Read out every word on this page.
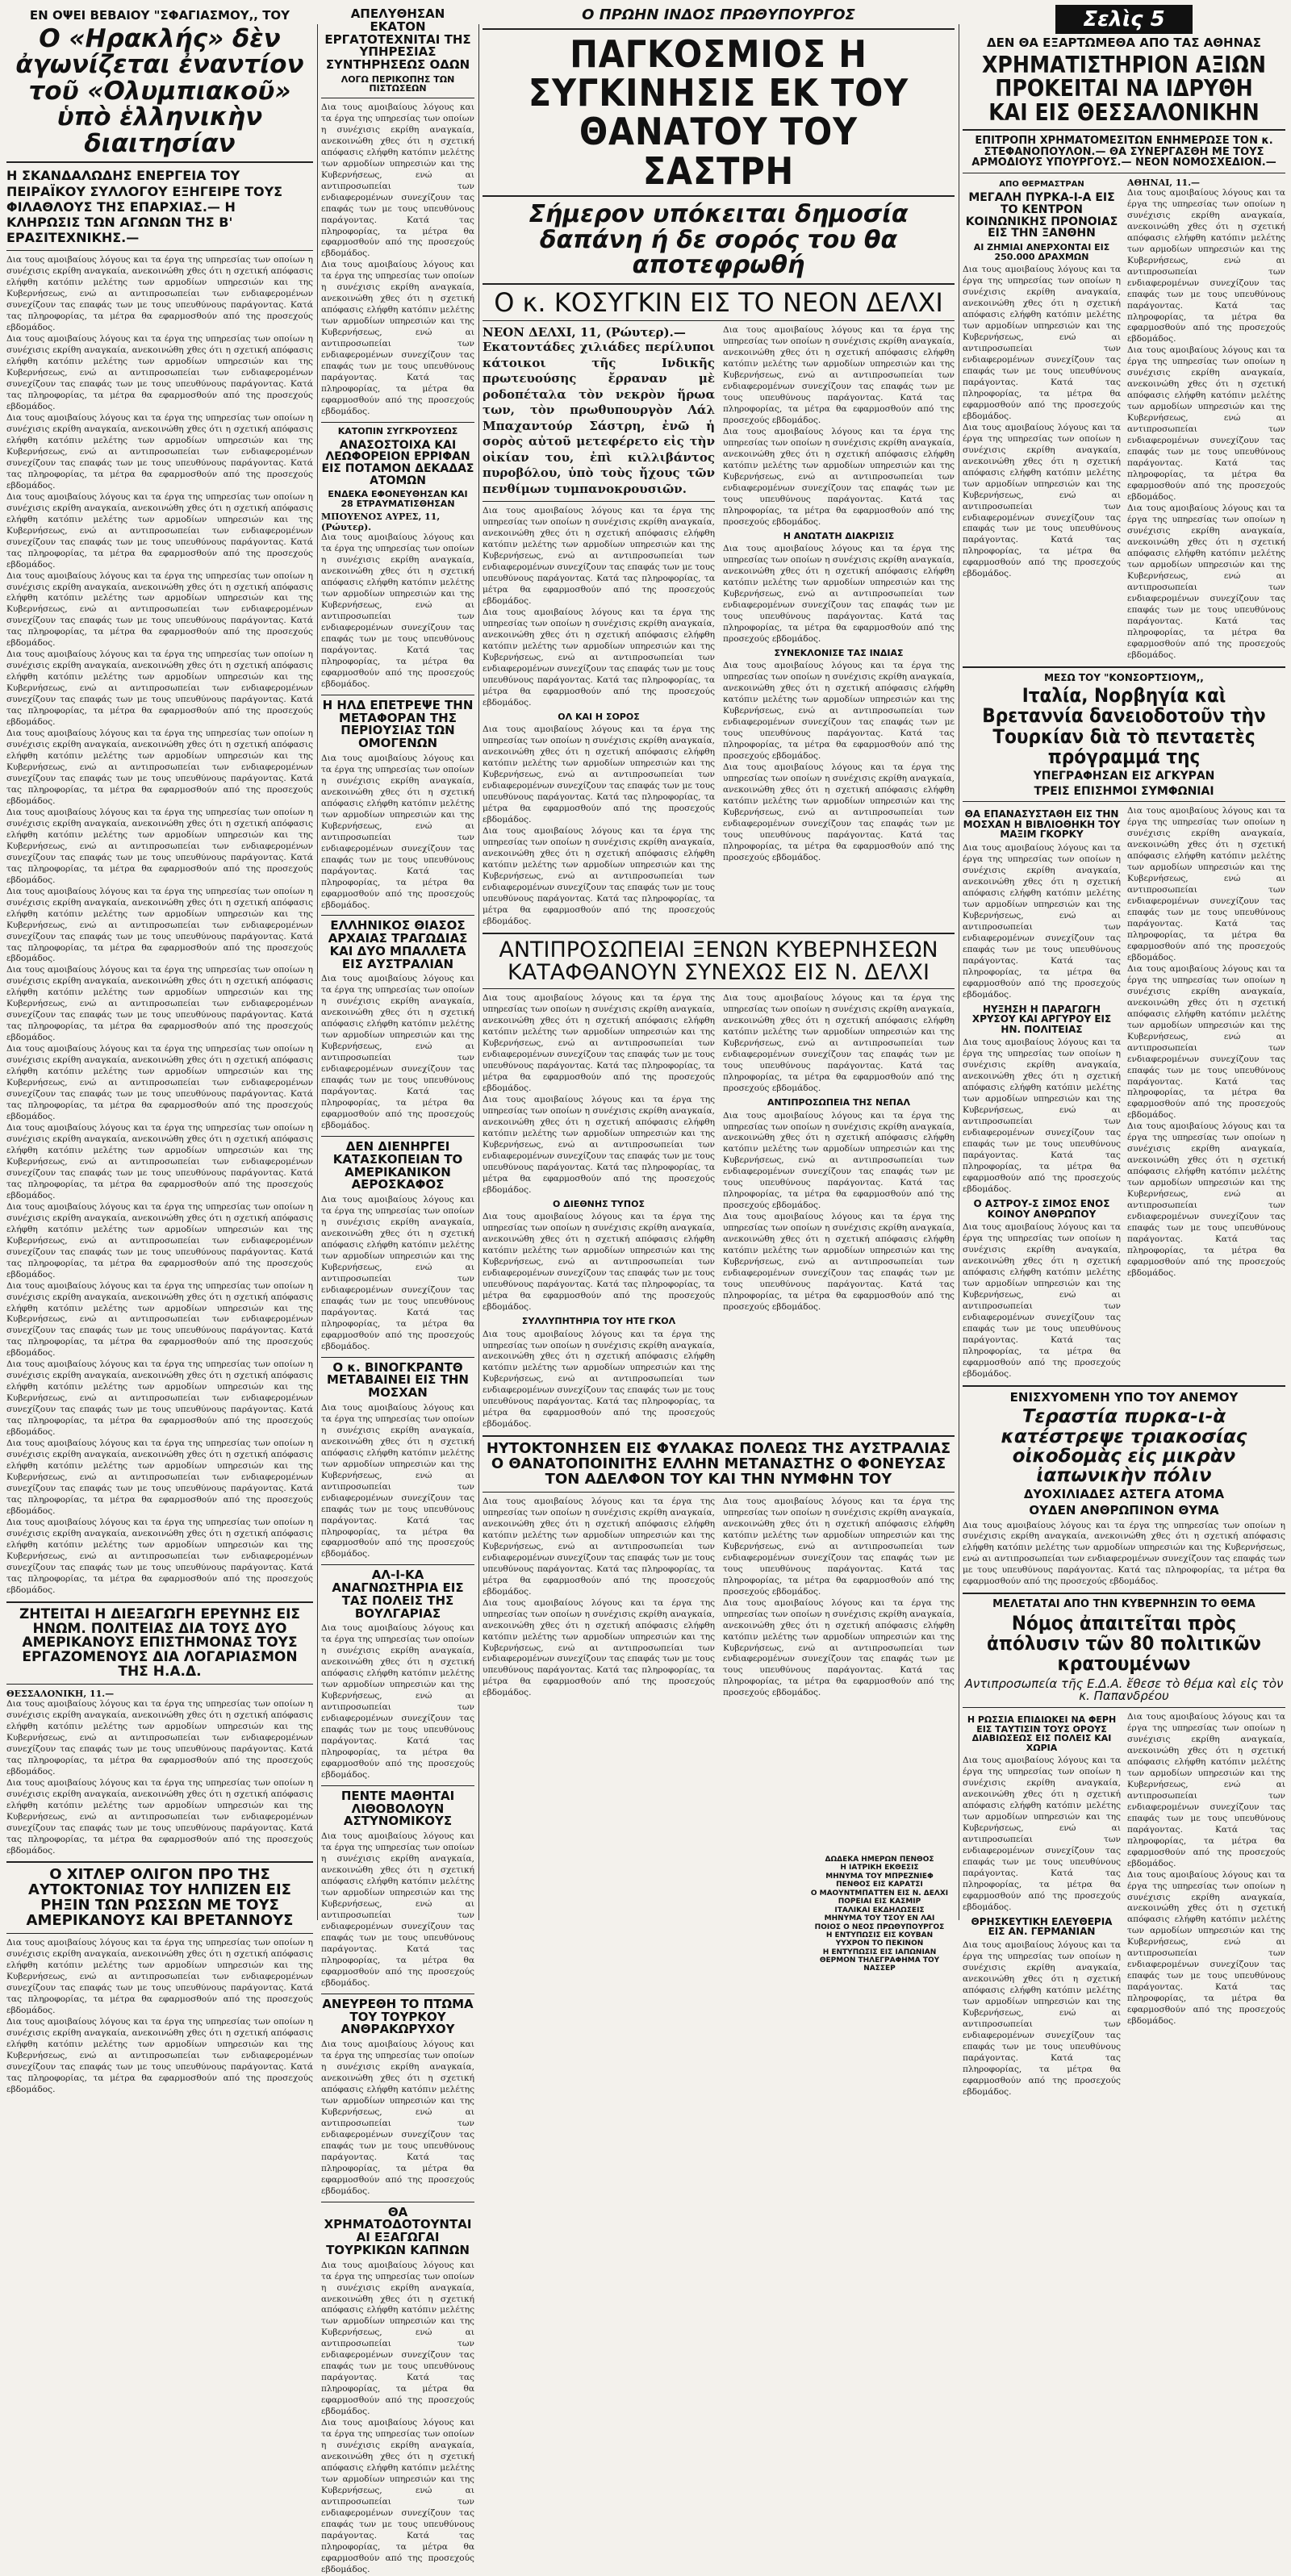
ΕΝ ΟΨΕΙ ΒΕΒΑΙΟΥ "ΣΦΑΓΙΑΣΜΟΥ,, ΤΟΥ
Ο «Ηρακλής» δὲν ἀγωνίζεται ἐναντίον τοῦ «Ολυμπιακοῦ» ὑπὸ ἑλληνικὴν διαιτησίαν
Η ΣΚΑΝΔΑΛΩΔΗΣ ΕΝΕΡΓΕΙΑ ΤΟΥ ΠΕΙΡΑΪΚΟΥ ΣΥΛΛΟΓΟΥ ΕΞΗΓΕΙΡΕ ΤΟΥΣ ΦΙΛΑΘΛΟΥΣ ΤΗΣ ΕΠΑΡΧΙΑΣ.— Η ΚΛΗΡΩΣΙΣ ΤΩΝ ΑΓΩΝΩΝ ΤΗΣ Β' ΕΡΑΣΙΤΕΧΝΙΚΗΣ.—

Δια τους αμοιβαίους λόγους και τα έργα της υπηρεσίας των οποίων η συνέχισις εκρίθη αναγκαία, ανεκοινώθη χθες ότι η σχετική απόφασις ελήφθη κατόπιν μελέτης των αρμοδίων υπηρεσιών και της Κυβερνήσεως, ενώ αι αντιπροσωπείαι των ενδιαφερομένων συνεχίζουν τας επαφάς των με τους υπευθύνους παράγοντας. Κατά τας πληροφορίας, τα μέτρα θα εφαρμοσθούν από της προσεχούς εβδομάδος.

Δια τους αμοιβαίους λόγους και τα έργα της υπηρεσίας των οποίων η συνέχισις εκρίθη αναγκαία, ανεκοινώθη χθες ότι η σχετική απόφασις ελήφθη κατόπιν μελέτης των αρμοδίων υπηρεσιών και της Κυβερνήσεως, ενώ αι αντιπροσωπείαι των ενδιαφερομένων συνεχίζουν τας επαφάς των με τους υπευθύνους παράγοντας. Κατά τας πληροφορίας, τα μέτρα θα εφαρμοσθούν από της προσεχούς εβδομάδος.

Δια τους αμοιβαίους λόγους και τα έργα της υπηρεσίας των οποίων η συνέχισις εκρίθη αναγκαία, ανεκοινώθη χθες ότι η σχετική απόφασις ελήφθη κατόπιν μελέτης των αρμοδίων υπηρεσιών και της Κυβερνήσεως, ενώ αι αντιπροσωπείαι των ενδιαφερομένων συνεχίζουν τας επαφάς των με τους υπευθύνους παράγοντας. Κατά τας πληροφορίας, τα μέτρα θα εφαρμοσθούν από της προσεχούς εβδομάδος.

Δια τους αμοιβαίους λόγους και τα έργα της υπηρεσίας των οποίων η συνέχισις εκρίθη αναγκαία, ανεκοινώθη χθες ότι η σχετική απόφασις ελήφθη κατόπιν μελέτης των αρμοδίων υπηρεσιών και της Κυβερνήσεως, ενώ αι αντιπροσωπείαι των ενδιαφερομένων συνεχίζουν τας επαφάς των με τους υπευθύνους παράγοντας. Κατά τας πληροφορίας, τα μέτρα θα εφαρμοσθούν από της προσεχούς εβδομάδος.

Δια τους αμοιβαίους λόγους και τα έργα της υπηρεσίας των οποίων η συνέχισις εκρίθη αναγκαία, ανεκοινώθη χθες ότι η σχετική απόφασις ελήφθη κατόπιν μελέτης των αρμοδίων υπηρεσιών και της Κυβερνήσεως, ενώ αι αντιπροσωπείαι των ενδιαφερομένων συνεχίζουν τας επαφάς των με τους υπευθύνους παράγοντας. Κατά τας πληροφορίας, τα μέτρα θα εφαρμοσθούν από της προσεχούς εβδομάδος.

Δια τους αμοιβαίους λόγους και τα έργα της υπηρεσίας των οποίων η συνέχισις εκρίθη αναγκαία, ανεκοινώθη χθες ότι η σχετική απόφασις ελήφθη κατόπιν μελέτης των αρμοδίων υπηρεσιών και της Κυβερνήσεως, ενώ αι αντιπροσωπείαι των ενδιαφερομένων συνεχίζουν τας επαφάς των με τους υπευθύνους παράγοντας. Κατά τας πληροφορίας, τα μέτρα θα εφαρμοσθούν από της προσεχούς εβδομάδος.

Δια τους αμοιβαίους λόγους και τα έργα της υπηρεσίας των οποίων η συνέχισις εκρίθη αναγκαία, ανεκοινώθη χθες ότι η σχετική απόφασις ελήφθη κατόπιν μελέτης των αρμοδίων υπηρεσιών και της Κυβερνήσεως, ενώ αι αντιπροσωπείαι των ενδιαφερομένων συνεχίζουν τας επαφάς των με τους υπευθύνους παράγοντας. Κατά τας πληροφορίας, τα μέτρα θα εφαρμοσθούν από της προσεχούς εβδομάδος.

Δια τους αμοιβαίους λόγους και τα έργα της υπηρεσίας των οποίων η συνέχισις εκρίθη αναγκαία, ανεκοινώθη χθες ότι η σχετική απόφασις ελήφθη κατόπιν μελέτης των αρμοδίων υπηρεσιών και της Κυβερνήσεως, ενώ αι αντιπροσωπείαι των ενδιαφερομένων συνεχίζουν τας επαφάς των με τους υπευθύνους παράγοντας. Κατά τας πληροφορίας, τα μέτρα θα εφαρμοσθούν από της προσεχούς εβδομάδος.

Δια τους αμοιβαίους λόγους και τα έργα της υπηρεσίας των οποίων η συνέχισις εκρίθη αναγκαία, ανεκοινώθη χθες ότι η σχετική απόφασις ελήφθη κατόπιν μελέτης των αρμοδίων υπηρεσιών και της Κυβερνήσεως, ενώ αι αντιπροσωπείαι των ενδιαφερομένων συνεχίζουν τας επαφάς των με τους υπευθύνους παράγοντας. Κατά τας πληροφορίας, τα μέτρα θα εφαρμοσθούν από της προσεχούς εβδομάδος.

Δια τους αμοιβαίους λόγους και τα έργα της υπηρεσίας των οποίων η συνέχισις εκρίθη αναγκαία, ανεκοινώθη χθες ότι η σχετική απόφασις ελήφθη κατόπιν μελέτης των αρμοδίων υπηρεσιών και της Κυβερνήσεως, ενώ αι αντιπροσωπείαι των ενδιαφερομένων συνεχίζουν τας επαφάς των με τους υπευθύνους παράγοντας. Κατά τας πληροφορίας, τα μέτρα θα εφαρμοσθούν από της προσεχούς εβδομάδος.

Δια τους αμοιβαίους λόγους και τα έργα της υπηρεσίας των οποίων η συνέχισις εκρίθη αναγκαία, ανεκοινώθη χθες ότι η σχετική απόφασις ελήφθη κατόπιν μελέτης των αρμοδίων υπηρεσιών και της Κυβερνήσεως, ενώ αι αντιπροσωπείαι των ενδιαφερομένων συνεχίζουν τας επαφάς των με τους υπευθύνους παράγοντας. Κατά τας πληροφορίας, τα μέτρα θα εφαρμοσθούν από της προσεχούς εβδομάδος.

Δια τους αμοιβαίους λόγους και τα έργα της υπηρεσίας των οποίων η συνέχισις εκρίθη αναγκαία, ανεκοινώθη χθες ότι η σχετική απόφασις ελήφθη κατόπιν μελέτης των αρμοδίων υπηρεσιών και της Κυβερνήσεως, ενώ αι αντιπροσωπείαι των ενδιαφερομένων συνεχίζουν τας επαφάς των με τους υπευθύνους παράγοντας. Κατά τας πληροφορίας, τα μέτρα θα εφαρμοσθούν από της προσεχούς εβδομάδος.

Δια τους αμοιβαίους λόγους και τα έργα της υπηρεσίας των οποίων η συνέχισις εκρίθη αναγκαία, ανεκοινώθη χθες ότι η σχετική απόφασις ελήφθη κατόπιν μελέτης των αρμοδίων υπηρεσιών και της Κυβερνήσεως, ενώ αι αντιπροσωπείαι των ενδιαφερομένων συνεχίζουν τας επαφάς των με τους υπευθύνους παράγοντας. Κατά τας πληροφορίας, τα μέτρα θα εφαρμοσθούν από της προσεχούς εβδομάδος.

Δια τους αμοιβαίους λόγους και τα έργα της υπηρεσίας των οποίων η συνέχισις εκρίθη αναγκαία, ανεκοινώθη χθες ότι η σχετική απόφασις ελήφθη κατόπιν μελέτης των αρμοδίων υπηρεσιών και της Κυβερνήσεως, ενώ αι αντιπροσωπείαι των ενδιαφερομένων συνεχίζουν τας επαφάς των με τους υπευθύνους παράγοντας. Κατά τας πληροφορίας, τα μέτρα θα εφαρμοσθούν από της προσεχούς εβδομάδος.

Δια τους αμοιβαίους λόγους και τα έργα της υπηρεσίας των οποίων η συνέχισις εκρίθη αναγκαία, ανεκοινώθη χθες ότι η σχετική απόφασις ελήφθη κατόπιν μελέτης των αρμοδίων υπηρεσιών και της Κυβερνήσεως, ενώ αι αντιπροσωπείαι των ενδιαφερομένων συνεχίζουν τας επαφάς των με τους υπευθύνους παράγοντας. Κατά τας πληροφορίας, τα μέτρα θα εφαρμοσθούν από της προσεχούς εβδομάδος.

Δια τους αμοιβαίους λόγους και τα έργα της υπηρεσίας των οποίων η συνέχισις εκρίθη αναγκαία, ανεκοινώθη χθες ότι η σχετική απόφασις ελήφθη κατόπιν μελέτης των αρμοδίων υπηρεσιών και της Κυβερνήσεως, ενώ αι αντιπροσωπείαι των ενδιαφερομένων συνεχίζουν τας επαφάς των με τους υπευθύνους παράγοντας. Κατά τας πληροφορίας, τα μέτρα θα εφαρμοσθούν από της προσεχούς εβδομάδος.

Δια τους αμοιβαίους λόγους και τα έργα της υπηρεσίας των οποίων η συνέχισις εκρίθη αναγκαία, ανεκοινώθη χθες ότι η σχετική απόφασις ελήφθη κατόπιν μελέτης των αρμοδίων υπηρεσιών και της Κυβερνήσεως, ενώ αι αντιπροσωπείαι των ενδιαφερομένων συνεχίζουν τας επαφάς των με τους υπευθύνους παράγοντας. Κατά τας πληροφορίας, τα μέτρα θα εφαρμοσθούν από της προσεχούς εβδομάδος.

ΖΗΤΕΙΤΑΙ Η ΔΙΕΞΑΓΩΓΗ ΕΡΕΥΝΗΣ ΕΙΣ ΗΝΩΜ. ΠΟΛΙΤΕΙΑΣ ΔΙΑ ΤΟΥΣ ΔΥΟ ΑΜΕΡΙΚΑΝΟΥΣ ΕΠΙΣΤΗΜΟΝΑΣ ΤΟΥΣ ΕΡΓΑΖΟΜΕΝΟΥΣ ΔΙΑ ΛΟΓΑΡΙΑΣΜΟΝ ΤΗΣ Η.Α.Δ.
ΘΕΣΣΑΛΟΝΙΚΗ, 11.—

Δια τους αμοιβαίους λόγους και τα έργα της υπηρεσίας των οποίων η συνέχισις εκρίθη αναγκαία, ανεκοινώθη χθες ότι η σχετική απόφασις ελήφθη κατόπιν μελέτης των αρμοδίων υπηρεσιών και της Κυβερνήσεως, ενώ αι αντιπροσωπείαι των ενδιαφερομένων συνεχίζουν τας επαφάς των με τους υπευθύνους παράγοντας. Κατά τας πληροφορίας, τα μέτρα θα εφαρμοσθούν από της προσεχούς εβδομάδος.

Δια τους αμοιβαίους λόγους και τα έργα της υπηρεσίας των οποίων η συνέχισις εκρίθη αναγκαία, ανεκοινώθη χθες ότι η σχετική απόφασις ελήφθη κατόπιν μελέτης των αρμοδίων υπηρεσιών και της Κυβερνήσεως, ενώ αι αντιπροσωπείαι των ενδιαφερομένων συνεχίζουν τας επαφάς των με τους υπευθύνους παράγοντας. Κατά τας πληροφορίας, τα μέτρα θα εφαρμοσθούν από της προσεχούς εβδομάδος.

Ο ΧΙΤΛΕΡ ΟΛΙΓΟΝ ΠΡΟ ΤΗΣ ΑΥΤΟΚΤΟΝΙΑΣ ΤΟΥ ΗΛΠΙΖΕΝ ΕΙΣ ΡΗΞΙΝ ΤΩΝ ΡΩΣΣΩΝ ΜΕ ΤΟΥΣ ΑΜΕΡΙΚΑΝΟΥΣ ΚΑΙ ΒΡΕΤΑΝΝΟΥΣ

Δια τους αμοιβαίους λόγους και τα έργα της υπηρεσίας των οποίων η συνέχισις εκρίθη αναγκαία, ανεκοινώθη χθες ότι η σχετική απόφασις ελήφθη κατόπιν μελέτης των αρμοδίων υπηρεσιών και της Κυβερνήσεως, ενώ αι αντιπροσωπείαι των ενδιαφερομένων συνεχίζουν τας επαφάς των με τους υπευθύνους παράγοντας. Κατά τας πληροφορίας, τα μέτρα θα εφαρμοσθούν από της προσεχούς εβδομάδος.

Δια τους αμοιβαίους λόγους και τα έργα της υπηρεσίας των οποίων η συνέχισις εκρίθη αναγκαία, ανεκοινώθη χθες ότι η σχετική απόφασις ελήφθη κατόπιν μελέτης των αρμοδίων υπηρεσιών και της Κυβερνήσεως, ενώ αι αντιπροσωπείαι των ενδιαφερομένων συνεχίζουν τας επαφάς των με τους υπευθύνους παράγοντας. Κατά τας πληροφορίας, τα μέτρα θα εφαρμοσθούν από της προσεχούς εβδομάδος.

ΑΠΕΛΥΘΗΣΑΝ ΕΚΑΤΟΝ ΕΡΓΑΤΟΤΕΧΝΙΤΑΙ ΤΗΣ ΥΠΗΡΕΣΙΑΣ ΣΥΝΤΗΡΗΣΕΩΣ ΟΔΩΝ
ΛΟΓΩ ΠΕΡΙΚΟΠΗΣ ΤΩΝ ΠΙΣΤΩΣΕΩΝ

Δια τους αμοιβαίους λόγους και τα έργα της υπηρεσίας των οποίων η συνέχισις εκρίθη αναγκαία, ανεκοινώθη χθες ότι η σχετική απόφασις ελήφθη κατόπιν μελέτης των αρμοδίων υπηρεσιών και της Κυβερνήσεως, ενώ αι αντιπροσωπείαι των ενδιαφερομένων συνεχίζουν τας επαφάς των με τους υπευθύνους παράγοντας. Κατά τας πληροφορίας, τα μέτρα θα εφαρμοσθούν από της προσεχούς εβδομάδος.

Δια τους αμοιβαίους λόγους και τα έργα της υπηρεσίας των οποίων η συνέχισις εκρίθη αναγκαία, ανεκοινώθη χθες ότι η σχετική απόφασις ελήφθη κατόπιν μελέτης των αρμοδίων υπηρεσιών και της Κυβερνήσεως, ενώ αι αντιπροσωπείαι των ενδιαφερομένων συνεχίζουν τας επαφάς των με τους υπευθύνους παράγοντας. Κατά τας πληροφορίας, τα μέτρα θα εφαρμοσθούν από της προσεχούς εβδομάδος.

ΚΑΤΟΠΙΝ ΣΥΓΚΡΟΥΣΕΩΣ
ΑΝΑΣΟΣΤΟΙΧΑ ΚΑΙ ΛΕΩΦΟΡΕΙΟΝ ΕΡΡΙΦΑΝ ΕΙΣ ΠΟΤΑΜΟΝ ΔΕΚΑΔΑΣ ΑΤΟΜΩΝ
ΕΝΔΕΚΑ ΕΦΟΝΕΥΘΗΣΑΝ ΚΑΙ 28 ΕΤΡΑΥΜΑΤΙΣΘΗΣΑΝ
ΜΠΟΥΕΝΟΣ ΑΥΡΕΣ, 11, (Ρώυτερ).

Δια τους αμοιβαίους λόγους και τα έργα της υπηρεσίας των οποίων η συνέχισις εκρίθη αναγκαία, ανεκοινώθη χθες ότι η σχετική απόφασις ελήφθη κατόπιν μελέτης των αρμοδίων υπηρεσιών και της Κυβερνήσεως, ενώ αι αντιπροσωπείαι των ενδιαφερομένων συνεχίζουν τας επαφάς των με τους υπευθύνους παράγοντας. Κατά τας πληροφορίας, τα μέτρα θα εφαρμοσθούν από της προσεχούς εβδομάδος.

Η ΗΛΔ ΕΠΕΤΡΕΨΕ ΤΗΝ ΜΕΤΑΦΟΡΑΝ ΤΗΣ ΠΕΡΙΟΥΣΙΑΣ ΤΩΝ ΟΜΟΓΕΝΩΝ

Δια τους αμοιβαίους λόγους και τα έργα της υπηρεσίας των οποίων η συνέχισις εκρίθη αναγκαία, ανεκοινώθη χθες ότι η σχετική απόφασις ελήφθη κατόπιν μελέτης των αρμοδίων υπηρεσιών και της Κυβερνήσεως, ενώ αι αντιπροσωπείαι των ενδιαφερομένων συνεχίζουν τας επαφάς των με τους υπευθύνους παράγοντας. Κατά τας πληροφορίας, τα μέτρα θα εφαρμοσθούν από της προσεχούς εβδομάδος.

ΕΛΛΗΝΙΚΟΣ ΘΙΑΣΟΣ ΑΡΧΑΙΑΣ ΤΡΑΓΩΔΙΑΣ ΚΑΙ ΔΥΟ ΜΠΑΛΛΕΤΑ ΕΙΣ ΑΥΣΤΡΑΛΙΑΝ

Δια τους αμοιβαίους λόγους και τα έργα της υπηρεσίας των οποίων η συνέχισις εκρίθη αναγκαία, ανεκοινώθη χθες ότι η σχετική απόφασις ελήφθη κατόπιν μελέτης των αρμοδίων υπηρεσιών και της Κυβερνήσεως, ενώ αι αντιπροσωπείαι των ενδιαφερομένων συνεχίζουν τας επαφάς των με τους υπευθύνους παράγοντας. Κατά τας πληροφορίας, τα μέτρα θα εφαρμοσθούν από της προσεχούς εβδομάδος.

ΔΕΝ ΔΙΕΝΗΡΓΕΙ ΚΑΤΑΣΚΟΠΕΙΑΝ ΤΟ ΑΜΕΡΙΚΑΝΙΚΟΝ ΑΕΡΟΣΚΑΦΟΣ

Δια τους αμοιβαίους λόγους και τα έργα της υπηρεσίας των οποίων η συνέχισις εκρίθη αναγκαία, ανεκοινώθη χθες ότι η σχετική απόφασις ελήφθη κατόπιν μελέτης των αρμοδίων υπηρεσιών και της Κυβερνήσεως, ενώ αι αντιπροσωπείαι των ενδιαφερομένων συνεχίζουν τας επαφάς των με τους υπευθύνους παράγοντας. Κατά τας πληροφορίας, τα μέτρα θα εφαρμοσθούν από της προσεχούς εβδομάδος.

Ο κ. ΒΙΝΟΓΚΡΑΝΤΘ ΜΕΤΑΒΑΙΝΕΙ ΕΙΣ ΤΗΝ ΜΟΣΧΑΝ

Δια τους αμοιβαίους λόγους και τα έργα της υπηρεσίας των οποίων η συνέχισις εκρίθη αναγκαία, ανεκοινώθη χθες ότι η σχετική απόφασις ελήφθη κατόπιν μελέτης των αρμοδίων υπηρεσιών και της Κυβερνήσεως, ενώ αι αντιπροσωπείαι των ενδιαφερομένων συνεχίζουν τας επαφάς των με τους υπευθύνους παράγοντας. Κατά τας πληροφορίας, τα μέτρα θα εφαρμοσθούν από της προσεχούς εβδομάδος.

ΑΛ-Ι-ΚΑ ΑΝΑΓΝΩΣΤΗΡΙΑ ΕΙΣ ΤΑΣ ΠΟΛΕΙΣ ΤΗΣ ΒΟΥΛΓΑΡΙΑΣ

Δια τους αμοιβαίους λόγους και τα έργα της υπηρεσίας των οποίων η συνέχισις εκρίθη αναγκαία, ανεκοινώθη χθες ότι η σχετική απόφασις ελήφθη κατόπιν μελέτης των αρμοδίων υπηρεσιών και της Κυβερνήσεως, ενώ αι αντιπροσωπείαι των ενδιαφερομένων συνεχίζουν τας επαφάς των με τους υπευθύνους παράγοντας. Κατά τας πληροφορίας, τα μέτρα θα εφαρμοσθούν από της προσεχούς εβδομάδος.

ΠΕΝΤΕ ΜΑΘΗΤΑΙ ΛΙΘΟΒΟΛΟΥΝ ΑΣΤΥΝΟΜΙΚΟΥΣ

Δια τους αμοιβαίους λόγους και τα έργα της υπηρεσίας των οποίων η συνέχισις εκρίθη αναγκαία, ανεκοινώθη χθες ότι η σχετική απόφασις ελήφθη κατόπιν μελέτης των αρμοδίων υπηρεσιών και της Κυβερνήσεως, ενώ αι αντιπροσωπείαι των ενδιαφερομένων συνεχίζουν τας επαφάς των με τους υπευθύνους παράγοντας. Κατά τας πληροφορίας, τα μέτρα θα εφαρμοσθούν από της προσεχούς εβδομάδος.

ΑΝΕΥΡΕΘΗ ΤΟ ΠΤΩΜΑ ΤΟΥ ΤΟΥΡΚΟΥ ΑΝΘΡΑΚΩΡΥΧΟΥ

Δια τους αμοιβαίους λόγους και τα έργα της υπηρεσίας των οποίων η συνέχισις εκρίθη αναγκαία, ανεκοινώθη χθες ότι η σχετική απόφασις ελήφθη κατόπιν μελέτης των αρμοδίων υπηρεσιών και της Κυβερνήσεως, ενώ αι αντιπροσωπείαι των ενδιαφερομένων συνεχίζουν τας επαφάς των με τους υπευθύνους παράγοντας. Κατά τας πληροφορίας, τα μέτρα θα εφαρμοσθούν από της προσεχούς εβδομάδος.

ΘΑ ΧΡΗΜΑΤΟΔΟΤΟΥΝΤΑΙ ΑΙ ΕΞΑΓΩΓΑΙ ΤΟΥΡΚΙΚΩΝ ΚΑΠΝΩΝ

Δια τους αμοιβαίους λόγους και τα έργα της υπηρεσίας των οποίων η συνέχισις εκρίθη αναγκαία, ανεκοινώθη χθες ότι η σχετική απόφασις ελήφθη κατόπιν μελέτης των αρμοδίων υπηρεσιών και της Κυβερνήσεως, ενώ αι αντιπροσωπείαι των ενδιαφερομένων συνεχίζουν τας επαφάς των με τους υπευθύνους παράγοντας. Κατά τας πληροφορίας, τα μέτρα θα εφαρμοσθούν από της προσεχούς εβδομάδος.

Δια τους αμοιβαίους λόγους και τα έργα της υπηρεσίας των οποίων η συνέχισις εκρίθη αναγκαία, ανεκοινώθη χθες ότι η σχετική απόφασις ελήφθη κατόπιν μελέτης των αρμοδίων υπηρεσιών και της Κυβερνήσεως, ενώ αι αντιπροσωπείαι των ενδιαφερομένων συνεχίζουν τας επαφάς των με τους υπευθύνους παράγοντας. Κατά τας πληροφορίας, τα μέτρα θα εφαρμοσθούν από της προσεχούς εβδομάδος.

Ο ΠΡΩΗΝ ΙΝΔΟΣ ΠΡΩΘΥΠΟΥΡΓΟΣ
ΠΑΓΚΟΣΜΙΟΣ Η ΣΥΓΚΙΝΗΣΙΣ ΕΚ ΤΟΥ ΘΑΝΑΤΟΥ ΤΟΥ ΣΑΣΤΡΗ
Σήμερον υπόκειται δημοσία δαπάνη ή δε σορός του θα αποτεφρωθή
Ο κ. ΚΟΣΥΓΚΙΝ ΕΙΣ ΤΟ ΝΕΟΝ ΔΕΛΧΙ
ΝΕΟΝ ΔΕΛΧΙ, 11, (Ρώυτερ).—

Εκατοντάδες χιλιάδες περίλυποι κάτοικοι τῆς Ινδικῆς πρωτευούσης ἔρραναν μὲ ροδοπέταλα τὸν νεκρὸν ἥρωα των, τὸν πρωθυπουργὸν Λάλ Μπαχαντούρ Σάστρη, ἐνῶ ἡ σορὸς αὐτοῦ μετεφέρετο εἰς τὴν οἰκίαν του, ἐπὶ κιλλιβάντος πυροβόλου, ὑπὸ τοὺς ἤχους τῶν πενθίμων τυμπανοκρουσιῶν.

Δια τους αμοιβαίους λόγους και τα έργα της υπηρεσίας των οποίων η συνέχισις εκρίθη αναγκαία, ανεκοινώθη χθες ότι η σχετική απόφασις ελήφθη κατόπιν μελέτης των αρμοδίων υπηρεσιών και της Κυβερνήσεως, ενώ αι αντιπροσωπείαι των ενδιαφερομένων συνεχίζουν τας επαφάς των με τους υπευθύνους παράγοντας. Κατά τας πληροφορίας, τα μέτρα θα εφαρμοσθούν από της προσεχούς εβδομάδος.

Δια τους αμοιβαίους λόγους και τα έργα της υπηρεσίας των οποίων η συνέχισις εκρίθη αναγκαία, ανεκοινώθη χθες ότι η σχετική απόφασις ελήφθη κατόπιν μελέτης των αρμοδίων υπηρεσιών και της Κυβερνήσεως, ενώ αι αντιπροσωπείαι των ενδιαφερομένων συνεχίζουν τας επαφάς των με τους υπευθύνους παράγοντας. Κατά τας πληροφορίας, τα μέτρα θα εφαρμοσθούν από της προσεχούς εβδομάδος.

ΟΛ ΚΑΙ Η ΣΟΡΟΣ

Δια τους αμοιβαίους λόγους και τα έργα της υπηρεσίας των οποίων η συνέχισις εκρίθη αναγκαία, ανεκοινώθη χθες ότι η σχετική απόφασις ελήφθη κατόπιν μελέτης των αρμοδίων υπηρεσιών και της Κυβερνήσεως, ενώ αι αντιπροσωπείαι των ενδιαφερομένων συνεχίζουν τας επαφάς των με τους υπευθύνους παράγοντας. Κατά τας πληροφορίας, τα μέτρα θα εφαρμοσθούν από της προσεχούς εβδομάδος.

Δια τους αμοιβαίους λόγους και τα έργα της υπηρεσίας των οποίων η συνέχισις εκρίθη αναγκαία, ανεκοινώθη χθες ότι η σχετική απόφασις ελήφθη κατόπιν μελέτης των αρμοδίων υπηρεσιών και της Κυβερνήσεως, ενώ αι αντιπροσωπείαι των ενδιαφερομένων συνεχίζουν τας επαφάς των με τους υπευθύνους παράγοντας. Κατά τας πληροφορίας, τα μέτρα θα εφαρμοσθούν από της προσεχούς εβδομάδος.

Δια τους αμοιβαίους λόγους και τα έργα της υπηρεσίας των οποίων η συνέχισις εκρίθη αναγκαία, ανεκοινώθη χθες ότι η σχετική απόφασις ελήφθη κατόπιν μελέτης των αρμοδίων υπηρεσιών και της Κυβερνήσεως, ενώ αι αντιπροσωπείαι των ενδιαφερομένων συνεχίζουν τας επαφάς των με τους υπευθύνους παράγοντας. Κατά τας πληροφορίας, τα μέτρα θα εφαρμοσθούν από της προσεχούς εβδομάδος.

Δια τους αμοιβαίους λόγους και τα έργα της υπηρεσίας των οποίων η συνέχισις εκρίθη αναγκαία, ανεκοινώθη χθες ότι η σχετική απόφασις ελήφθη κατόπιν μελέτης των αρμοδίων υπηρεσιών και της Κυβερνήσεως, ενώ αι αντιπροσωπείαι των ενδιαφερομένων συνεχίζουν τας επαφάς των με τους υπευθύνους παράγοντας. Κατά τας πληροφορίας, τα μέτρα θα εφαρμοσθούν από της προσεχούς εβδομάδος.

Η ΑΝΩΤΑΤΗ ΔΙΑΚΡΙΣΙΣ

Δια τους αμοιβαίους λόγους και τα έργα της υπηρεσίας των οποίων η συνέχισις εκρίθη αναγκαία, ανεκοινώθη χθες ότι η σχετική απόφασις ελήφθη κατόπιν μελέτης των αρμοδίων υπηρεσιών και της Κυβερνήσεως, ενώ αι αντιπροσωπείαι των ενδιαφερομένων συνεχίζουν τας επαφάς των με τους υπευθύνους παράγοντας. Κατά τας πληροφορίας, τα μέτρα θα εφαρμοσθούν από της προσεχούς εβδομάδος.

ΣΥΝΕΚΛΟΝΙΣΕ ΤΑΣ ΙΝΔΙΑΣ

Δια τους αμοιβαίους λόγους και τα έργα της υπηρεσίας των οποίων η συνέχισις εκρίθη αναγκαία, ανεκοινώθη χθες ότι η σχετική απόφασις ελήφθη κατόπιν μελέτης των αρμοδίων υπηρεσιών και της Κυβερνήσεως, ενώ αι αντιπροσωπείαι των ενδιαφερομένων συνεχίζουν τας επαφάς των με τους υπευθύνους παράγοντας. Κατά τας πληροφορίας, τα μέτρα θα εφαρμοσθούν από της προσεχούς εβδομάδος.

Δια τους αμοιβαίους λόγους και τα έργα της υπηρεσίας των οποίων η συνέχισις εκρίθη αναγκαία, ανεκοινώθη χθες ότι η σχετική απόφασις ελήφθη κατόπιν μελέτης των αρμοδίων υπηρεσιών και της Κυβερνήσεως, ενώ αι αντιπροσωπείαι των ενδιαφερομένων συνεχίζουν τας επαφάς των με τους υπευθύνους παράγοντας. Κατά τας πληροφορίας, τα μέτρα θα εφαρμοσθούν από της προσεχούς εβδομάδος.

ΑΝΤΙΠΡΟΣΩΠΕΙΑΙ ΞΕΝΩΝ ΚΥΒΕΡΝΗΣΕΩΝ ΚΑΤΑΦΘΑΝΟΥΝ ΣΥΝΕΧΩΣ ΕΙΣ Ν. ΔΕΛΧΙ

Δια τους αμοιβαίους λόγους και τα έργα της υπηρεσίας των οποίων η συνέχισις εκρίθη αναγκαία, ανεκοινώθη χθες ότι η σχετική απόφασις ελήφθη κατόπιν μελέτης των αρμοδίων υπηρεσιών και της Κυβερνήσεως, ενώ αι αντιπροσωπείαι των ενδιαφερομένων συνεχίζουν τας επαφάς των με τους υπευθύνους παράγοντας. Κατά τας πληροφορίας, τα μέτρα θα εφαρμοσθούν από της προσεχούς εβδομάδος.

Δια τους αμοιβαίους λόγους και τα έργα της υπηρεσίας των οποίων η συνέχισις εκρίθη αναγκαία, ανεκοινώθη χθες ότι η σχετική απόφασις ελήφθη κατόπιν μελέτης των αρμοδίων υπηρεσιών και της Κυβερνήσεως, ενώ αι αντιπροσωπείαι των ενδιαφερομένων συνεχίζουν τας επαφάς των με τους υπευθύνους παράγοντας. Κατά τας πληροφορίας, τα μέτρα θα εφαρμοσθούν από της προσεχούς εβδομάδος.

Ο ΔΙΕΘΝΗΣ ΤΥΠΟΣ

Δια τους αμοιβαίους λόγους και τα έργα της υπηρεσίας των οποίων η συνέχισις εκρίθη αναγκαία, ανεκοινώθη χθες ότι η σχετική απόφασις ελήφθη κατόπιν μελέτης των αρμοδίων υπηρεσιών και της Κυβερνήσεως, ενώ αι αντιπροσωπείαι των ενδιαφερομένων συνεχίζουν τας επαφάς των με τους υπευθύνους παράγοντας. Κατά τας πληροφορίας, τα μέτρα θα εφαρμοσθούν από της προσεχούς εβδομάδος.

ΣΥΛΛΥΠΗΤΗΡΙΑ ΤΟΥ ΗΤΕ ΓΚΟΛ

Δια τους αμοιβαίους λόγους και τα έργα της υπηρεσίας των οποίων η συνέχισις εκρίθη αναγκαία, ανεκοινώθη χθες ότι η σχετική απόφασις ελήφθη κατόπιν μελέτης των αρμοδίων υπηρεσιών και της Κυβερνήσεως, ενώ αι αντιπροσωπείαι των ενδιαφερομένων συνεχίζουν τας επαφάς των με τους υπευθύνους παράγοντας. Κατά τας πληροφορίας, τα μέτρα θα εφαρμοσθούν από της προσεχούς εβδομάδος.

Δια τους αμοιβαίους λόγους και τα έργα της υπηρεσίας των οποίων η συνέχισις εκρίθη αναγκαία, ανεκοινώθη χθες ότι η σχετική απόφασις ελήφθη κατόπιν μελέτης των αρμοδίων υπηρεσιών και της Κυβερνήσεως, ενώ αι αντιπροσωπείαι των ενδιαφερομένων συνεχίζουν τας επαφάς των με τους υπευθύνους παράγοντας. Κατά τας πληροφορίας, τα μέτρα θα εφαρμοσθούν από της προσεχούς εβδομάδος.

ΑΝΤΙΠΡΟΣΩΠΕΙΑ ΤΗΣ ΝΕΠΑΛ

Δια τους αμοιβαίους λόγους και τα έργα της υπηρεσίας των οποίων η συνέχισις εκρίθη αναγκαία, ανεκοινώθη χθες ότι η σχετική απόφασις ελήφθη κατόπιν μελέτης των αρμοδίων υπηρεσιών και της Κυβερνήσεως, ενώ αι αντιπροσωπείαι των ενδιαφερομένων συνεχίζουν τας επαφάς των με τους υπευθύνους παράγοντας. Κατά τας πληροφορίας, τα μέτρα θα εφαρμοσθούν από της προσεχούς εβδομάδος.

Δια τους αμοιβαίους λόγους και τα έργα της υπηρεσίας των οποίων η συνέχισις εκρίθη αναγκαία, ανεκοινώθη χθες ότι η σχετική απόφασις ελήφθη κατόπιν μελέτης των αρμοδίων υπηρεσιών και της Κυβερνήσεως, ενώ αι αντιπροσωπείαι των ενδιαφερομένων συνεχίζουν τας επαφάς των με τους υπευθύνους παράγοντας. Κατά τας πληροφορίας, τα μέτρα θα εφαρμοσθούν από της προσεχούς εβδομάδος.

ΗΥΤΟΚΤΟΝΗΣΕΝ ΕΙΣ ΦΥΛΑΚΑΣ ΠΟΛΕΩΣ ΤΗΣ ΑΥΣΤΡΑΛΙΑΣ Ο ΘΑΝΑΤΟΠΟΙΝΙΤΗΣ ΕΛΛΗΝ ΜΕΤΑΝΑΣΤΗΣ Ο ΦΟΝΕΥΣΑΣ ΤΟΝ ΑΔΕΛΦΟΝ ΤΟΥ ΚΑΙ ΤΗΝ ΝΥΜΦΗΝ ΤΟΥ

Δια τους αμοιβαίους λόγους και τα έργα της υπηρεσίας των οποίων η συνέχισις εκρίθη αναγκαία, ανεκοινώθη χθες ότι η σχετική απόφασις ελήφθη κατόπιν μελέτης των αρμοδίων υπηρεσιών και της Κυβερνήσεως, ενώ αι αντιπροσωπείαι των ενδιαφερομένων συνεχίζουν τας επαφάς των με τους υπευθύνους παράγοντας. Κατά τας πληροφορίας, τα μέτρα θα εφαρμοσθούν από της προσεχούς εβδομάδος.

Δια τους αμοιβαίους λόγους και τα έργα της υπηρεσίας των οποίων η συνέχισις εκρίθη αναγκαία, ανεκοινώθη χθες ότι η σχετική απόφασις ελήφθη κατόπιν μελέτης των αρμοδίων υπηρεσιών και της Κυβερνήσεως, ενώ αι αντιπροσωπείαι των ενδιαφερομένων συνεχίζουν τας επαφάς των με τους υπευθύνους παράγοντας. Κατά τας πληροφορίας, τα μέτρα θα εφαρμοσθούν από της προσεχούς εβδομάδος.

Δια τους αμοιβαίους λόγους και τα έργα της υπηρεσίας των οποίων η συνέχισις εκρίθη αναγκαία, ανεκοινώθη χθες ότι η σχετική απόφασις ελήφθη κατόπιν μελέτης των αρμοδίων υπηρεσιών και της Κυβερνήσεως, ενώ αι αντιπροσωπείαι των ενδιαφερομένων συνεχίζουν τας επαφάς των με τους υπευθύνους παράγοντας. Κατά τας πληροφορίας, τα μέτρα θα εφαρμοσθούν από της προσεχούς εβδομάδος.

Δια τους αμοιβαίους λόγους και τα έργα της υπηρεσίας των οποίων η συνέχισις εκρίθη αναγκαία, ανεκοινώθη χθες ότι η σχετική απόφασις ελήφθη κατόπιν μελέτης των αρμοδίων υπηρεσιών και της Κυβερνήσεως, ενώ αι αντιπροσωπείαι των ενδιαφερομένων συνεχίζουν τας επαφάς των με τους υπευθύνους παράγοντας. Κατά τας πληροφορίας, τα μέτρα θα εφαρμοσθούν από της προσεχούς εβδομάδος.

Σελὶς 5
ΔΕΝ ΘΑ ΕΞΑΡΤΩΜΕΘΑ ΑΠΟ ΤΑΣ ΑΘΗΝΑΣ
ΧΡΗΜΑΤΙΣΤΗΡΙΟΝ ΑΞΙΩΝ ΠΡΟΚΕΙΤΑΙ ΝΑ ΙΔΡΥΘΗ ΚΑΙ ΕΙΣ ΘΕΣΣΑΛΟΝΙΚΗΝ
ΕΠΙΤΡΟΠΗ ΧΡΗΜΑΤΟΜΕΣΙΤΩΝ ΕΝΗΜΕΡΩΣΕ ΤΟΝ κ. ΣΤΕΦΑΝΟΠΟΥΛΟΝ.— ΘΑ ΣΥΝΕΡΓΑΣΘΗ ΜΕ ΤΟΥΣ ΑΡΜΟΔΙΟΥΣ ΥΠΟΥΡΓΟΥΣ.— ΝΕΟΝ ΝΟΜΟΣΧΕΔΙΟΝ.—
ΑΠΟ ΘΕΡΜΑΣΤΡΑΝ
ΜΕΓΑΛΗ ΠΥΡΚΑ-Ι-Α ΕΙΣ ΤΟ ΚΕΝΤΡΟΝ ΚΟΙΝΩΝΙΚΗΣ ΠΡΟΝΟΙΑΣ ΕΙΣ ΤΗΝ ΞΑΝΘΗΝ
ΑΙ ΖΗΜΙΑΙ ΑΝΕΡΧΟΝΤΑΙ ΕΙΣ 250.000 ΔΡΑΧΜΩΝ

Δια τους αμοιβαίους λόγους και τα έργα της υπηρεσίας των οποίων η συνέχισις εκρίθη αναγκαία, ανεκοινώθη χθες ότι η σχετική απόφασις ελήφθη κατόπιν μελέτης των αρμοδίων υπηρεσιών και της Κυβερνήσεως, ενώ αι αντιπροσωπείαι των ενδιαφερομένων συνεχίζουν τας επαφάς των με τους υπευθύνους παράγοντας. Κατά τας πληροφορίας, τα μέτρα θα εφαρμοσθούν από της προσεχούς εβδομάδος.

Δια τους αμοιβαίους λόγους και τα έργα της υπηρεσίας των οποίων η συνέχισις εκρίθη αναγκαία, ανεκοινώθη χθες ότι η σχετική απόφασις ελήφθη κατόπιν μελέτης των αρμοδίων υπηρεσιών και της Κυβερνήσεως, ενώ αι αντιπροσωπείαι των ενδιαφερομένων συνεχίζουν τας επαφάς των με τους υπευθύνους παράγοντας. Κατά τας πληροφορίας, τα μέτρα θα εφαρμοσθούν από της προσεχούς εβδομάδος.

ΑΘΗΝΑΙ, 11.—

Δια τους αμοιβαίους λόγους και τα έργα της υπηρεσίας των οποίων η συνέχισις εκρίθη αναγκαία, ανεκοινώθη χθες ότι η σχετική απόφασις ελήφθη κατόπιν μελέτης των αρμοδίων υπηρεσιών και της Κυβερνήσεως, ενώ αι αντιπροσωπείαι των ενδιαφερομένων συνεχίζουν τας επαφάς των με τους υπευθύνους παράγοντας. Κατά τας πληροφορίας, τα μέτρα θα εφαρμοσθούν από της προσεχούς εβδομάδος.

Δια τους αμοιβαίους λόγους και τα έργα της υπηρεσίας των οποίων η συνέχισις εκρίθη αναγκαία, ανεκοινώθη χθες ότι η σχετική απόφασις ελήφθη κατόπιν μελέτης των αρμοδίων υπηρεσιών και της Κυβερνήσεως, ενώ αι αντιπροσωπείαι των ενδιαφερομένων συνεχίζουν τας επαφάς των με τους υπευθύνους παράγοντας. Κατά τας πληροφορίας, τα μέτρα θα εφαρμοσθούν από της προσεχούς εβδομάδος.

Δια τους αμοιβαίους λόγους και τα έργα της υπηρεσίας των οποίων η συνέχισις εκρίθη αναγκαία, ανεκοινώθη χθες ότι η σχετική απόφασις ελήφθη κατόπιν μελέτης των αρμοδίων υπηρεσιών και της Κυβερνήσεως, ενώ αι αντιπροσωπείαι των ενδιαφερομένων συνεχίζουν τας επαφάς των με τους υπευθύνους παράγοντας. Κατά τας πληροφορίας, τα μέτρα θα εφαρμοσθούν από της προσεχούς εβδομάδος.

ΜΕΣΩ ΤΟΥ "ΚΟΝΣΟΡΤΣΙΟΥΜ,,
Ιταλία, Νορβηγία καὶ Βρεταννία δανειοδοτοῦν τὴν Τουρκίαν διὰ τὸ πενταετὲς πρόγραμμά της
ΥΠΕΓΡΑΦΗΣΑΝ ΕΙΣ ΑΓΚΥΡΑΝ
ΤΡΕΙΣ ΕΠΙΣΗΜΟΙ ΣΥΜΦΩΝΙΑΙ
ΘΑ ΕΠΑΝΑΣΥΣΤΑΘΗ ΕΙΣ ΤΗΝ ΜΟΣΧΑΝ Η ΒΙΒΛΙΟΘΗΚΗ ΤΟΥ ΜΑΞΙΜ ΓΚΟΡΚΥ

Δια τους αμοιβαίους λόγους και τα έργα της υπηρεσίας των οποίων η συνέχισις εκρίθη αναγκαία, ανεκοινώθη χθες ότι η σχετική απόφασις ελήφθη κατόπιν μελέτης των αρμοδίων υπηρεσιών και της Κυβερνήσεως, ενώ αι αντιπροσωπείαι των ενδιαφερομένων συνεχίζουν τας επαφάς των με τους υπευθύνους παράγοντας. Κατά τας πληροφορίας, τα μέτρα θα εφαρμοσθούν από της προσεχούς εβδομάδος.

ΗΥΞΗΣΗ Η ΠΑΡΑΓΩΓΗ ΧΡΥΣΟΥ ΚΑΙ ΑΡΓΥΡΟΥ ΕΙΣ ΗΝ. ΠΟΛΙΤΕΙΑΣ

Δια τους αμοιβαίους λόγους και τα έργα της υπηρεσίας των οποίων η συνέχισις εκρίθη αναγκαία, ανεκοινώθη χθες ότι η σχετική απόφασις ελήφθη κατόπιν μελέτης των αρμοδίων υπηρεσιών και της Κυβερνήσεως, ενώ αι αντιπροσωπείαι των ενδιαφερομένων συνεχίζουν τας επαφάς των με τους υπευθύνους παράγοντας. Κατά τας πληροφορίας, τα μέτρα θα εφαρμοσθούν από της προσεχούς εβδομάδος.

Ο ΑΣΤΡΟΥ-Σ ΣΙΜΟΣ ΕΝΟΣ ΚΟΙΝΟΥ ΑΝΘΡΩΠΟΥ

Δια τους αμοιβαίους λόγους και τα έργα της υπηρεσίας των οποίων η συνέχισις εκρίθη αναγκαία, ανεκοινώθη χθες ότι η σχετική απόφασις ελήφθη κατόπιν μελέτης των αρμοδίων υπηρεσιών και της Κυβερνήσεως, ενώ αι αντιπροσωπείαι των ενδιαφερομένων συνεχίζουν τας επαφάς των με τους υπευθύνους παράγοντας. Κατά τας πληροφορίας, τα μέτρα θα εφαρμοσθούν από της προσεχούς εβδομάδος.

Δια τους αμοιβαίους λόγους και τα έργα της υπηρεσίας των οποίων η συνέχισις εκρίθη αναγκαία, ανεκοινώθη χθες ότι η σχετική απόφασις ελήφθη κατόπιν μελέτης των αρμοδίων υπηρεσιών και της Κυβερνήσεως, ενώ αι αντιπροσωπείαι των ενδιαφερομένων συνεχίζουν τας επαφάς των με τους υπευθύνους παράγοντας. Κατά τας πληροφορίας, τα μέτρα θα εφαρμοσθούν από της προσεχούς εβδομάδος.

Δια τους αμοιβαίους λόγους και τα έργα της υπηρεσίας των οποίων η συνέχισις εκρίθη αναγκαία, ανεκοινώθη χθες ότι η σχετική απόφασις ελήφθη κατόπιν μελέτης των αρμοδίων υπηρεσιών και της Κυβερνήσεως, ενώ αι αντιπροσωπείαι των ενδιαφερομένων συνεχίζουν τας επαφάς των με τους υπευθύνους παράγοντας. Κατά τας πληροφορίας, τα μέτρα θα εφαρμοσθούν από της προσεχούς εβδομάδος.

Δια τους αμοιβαίους λόγους και τα έργα της υπηρεσίας των οποίων η συνέχισις εκρίθη αναγκαία, ανεκοινώθη χθες ότι η σχετική απόφασις ελήφθη κατόπιν μελέτης των αρμοδίων υπηρεσιών και της Κυβερνήσεως, ενώ αι αντιπροσωπείαι των ενδιαφερομένων συνεχίζουν τας επαφάς των με τους υπευθύνους παράγοντας. Κατά τας πληροφορίας, τα μέτρα θα εφαρμοσθούν από της προσεχούς εβδομάδος.

ΕΝΙΣΧΥΟΜΕΝΗ ΥΠΟ ΤΟΥ ΑΝΕΜΟΥ
Τεραστία πυρκα-ι-ὰ κατέστρεψε τριακοσίας οἰκοδομὰς εἰς μικρὰν ἰαπωνικὴν πόλιν
ΔΥΟΧΙΛΙΑΔΕΣ ΑΣΤΕΓΑ ΑΤΟΜΑ
ΟΥΔΕΝ ΑΝΘΡΩΠΙΝΟΝ ΘΥΜΑ

Δια τους αμοιβαίους λόγους και τα έργα της υπηρεσίας των οποίων η συνέχισις εκρίθη αναγκαία, ανεκοινώθη χθες ότι η σχετική απόφασις ελήφθη κατόπιν μελέτης των αρμοδίων υπηρεσιών και της Κυβερνήσεως, ενώ αι αντιπροσωπείαι των ενδιαφερομένων συνεχίζουν τας επαφάς των με τους υπευθύνους παράγοντας. Κατά τας πληροφορίας, τα μέτρα θα εφαρμοσθούν από της προσεχούς εβδομάδος.

ΜΕΛΕΤΑΤΑΙ ΑΠΟ ΤΗΝ ΚΥΒΕΡΝΗΣΙΝ ΤΟ ΘΕΜΑ
Νόμος ἀπαιτεῖται πρὸς ἀπόλυσιν τῶν 80 πολιτικῶν κρατουμένων
Αντιπροσωπεία τῆς Ε.Δ.Α. ἔθεσε τὸ θέμα καὶ εἰς τὸν κ. Παπανδρέου
Η ΡΩΣΣΙΑ ΕΠΙΔΙΩΚΕΙ ΝΑ ΦΕΡΗ ΕΙΣ ΤΑΥΤΙΣΙΝ ΤΟΥΣ ΟΡΟΥΣ ΔΙΑΒΙΩΣΕΩΣ ΕΙΣ ΠΟΛΕΙΣ ΚΑΙ ΧΩΡΙΑ

Δια τους αμοιβαίους λόγους και τα έργα της υπηρεσίας των οποίων η συνέχισις εκρίθη αναγκαία, ανεκοινώθη χθες ότι η σχετική απόφασις ελήφθη κατόπιν μελέτης των αρμοδίων υπηρεσιών και της Κυβερνήσεως, ενώ αι αντιπροσωπείαι των ενδιαφερομένων συνεχίζουν τας επαφάς των με τους υπευθύνους παράγοντας. Κατά τας πληροφορίας, τα μέτρα θα εφαρμοσθούν από της προσεχούς εβδομάδος.

ΘΡΗΣΚΕΥΤΙΚΗ ΕΛΕΥΘΕΡΙΑ ΕΙΣ ΑΝ. ΓΕΡΜΑΝΙΑΝ

Δια τους αμοιβαίους λόγους και τα έργα της υπηρεσίας των οποίων η συνέχισις εκρίθη αναγκαία, ανεκοινώθη χθες ότι η σχετική απόφασις ελήφθη κατόπιν μελέτης των αρμοδίων υπηρεσιών και της Κυβερνήσεως, ενώ αι αντιπροσωπείαι των ενδιαφερομένων συνεχίζουν τας επαφάς των με τους υπευθύνους παράγοντας. Κατά τας πληροφορίας, τα μέτρα θα εφαρμοσθούν από της προσεχούς εβδομάδος.

Δια τους αμοιβαίους λόγους και τα έργα της υπηρεσίας των οποίων η συνέχισις εκρίθη αναγκαία, ανεκοινώθη χθες ότι η σχετική απόφασις ελήφθη κατόπιν μελέτης των αρμοδίων υπηρεσιών και της Κυβερνήσεως, ενώ αι αντιπροσωπείαι των ενδιαφερομένων συνεχίζουν τας επαφάς των με τους υπευθύνους παράγοντας. Κατά τας πληροφορίας, τα μέτρα θα εφαρμοσθούν από της προσεχούς εβδομάδος.

Δια τους αμοιβαίους λόγους και τα έργα της υπηρεσίας των οποίων η συνέχισις εκρίθη αναγκαία, ανεκοινώθη χθες ότι η σχετική απόφασις ελήφθη κατόπιν μελέτης των αρμοδίων υπηρεσιών και της Κυβερνήσεως, ενώ αι αντιπροσωπείαι των ενδιαφερομένων συνεχίζουν τας επαφάς των με τους υπευθύνους παράγοντας. Κατά τας πληροφορίας, τα μέτρα θα εφαρμοσθούν από της προσεχούς εβδομάδος.

ΔΩΔΕΚΑ ΗΜΕΡΩΝ ΠΕΝΘΟΣ
Η ΙΑΤΡΙΚΗ ΕΚΘΕΣΙΣ
ΜΗΝΥΜΑ ΤΟΥ ΜΠΡΕΖΝΙΕΦ
ΠΕΝΘΟΣ ΕΙΣ ΚΑΡΑΤΣΙ
Ο ΜΑΟΥΝΤΜΠΑΤΤΕΝ ΕΙΣ Ν. ΔΕΛΧΙ
ΠΟΡΕΙΑΙ ΕΙΣ ΚΑΣΜΙΡ
ΙΤΑΛΙΚΑΙ ΕΚΔΗΛΩΣΕΙΣ
ΜΗΝΥΜΑ ΤΟΥ ΤΣΟΥ ΕΝ ΛΑΙ
ΠΟΙΟΣ Ο ΝΕΟΣ ΠΡΩΘΥΠΟΥΡΓΟΣ
Η ΕΝΤΥΠΩΣΙΣ ΕΙΣ ΚΟΥΒΑΝ
ΥΥΧΡΟΝ ΤΟ ΠΕΚΙΝΟΝ
Η ΕΝΤΥΠΩΣΙΣ ΕΙΣ ΙΑΠΩΝΙΑΝ
ΘΕΡΜΟΝ ΤΗΛΕΓΡΑΦΗΜΑ ΤΟΥ ΝΑΣΣΕΡ
